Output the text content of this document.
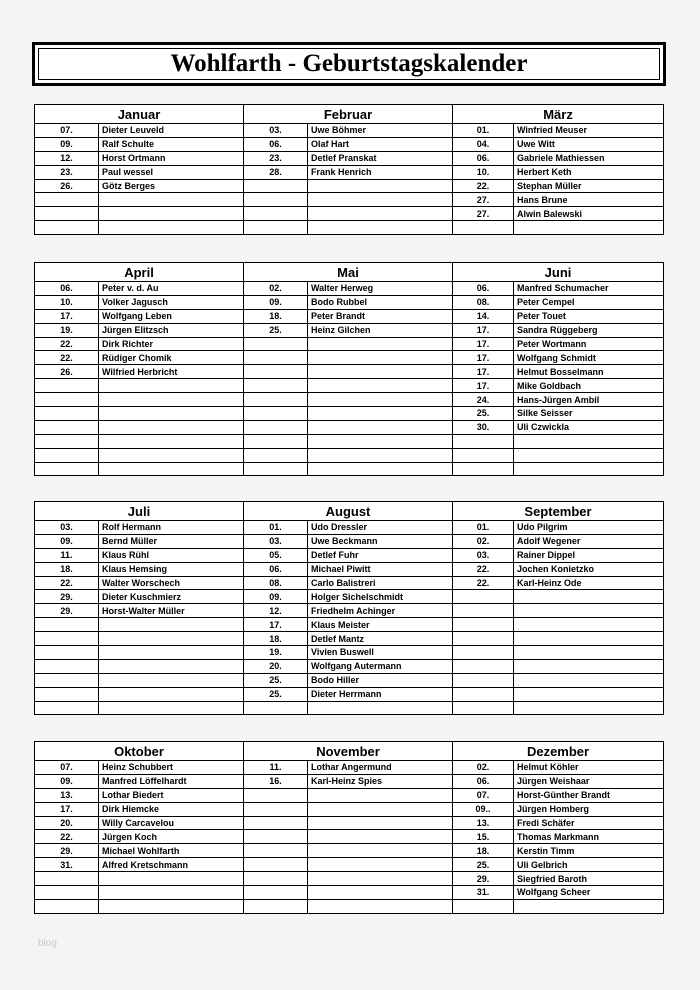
Wohlfarth - Geburtstagskalender
Januar		Februar		März	
07.	Dieter Leuveld	03.	Uwe Böhmer	01.	Winfried Meuser
09.	Ralf Schulte	06.	Olaf Hart	04.	Uwe Witt
12.	Horst Ortmann	23.	Detlef Pranskat	06.	Gabriele Mathiessen
23.	Paul wessel	28.	Frank Henrich	10.	Herbert Keth
26.	Götz Berges			22.	Stephan Müller
				27.	Hans Brune
				27.	Alwin Balewski

April		Mai		Juni	
06.	Peter v. d. Au	02.	Walter Herweg	06.	Manfred Schumacher
10.	Volker Jagusch	09.	Bodo Rubbel	08.	Peter Cempel
17.	Wolfgang Leben	18.	Peter Brandt	14.	Peter Touet
19.	Jürgen Elitzsch	25.	Heinz Gilchen	17.	Sandra Rüggeberg
22.	Dirk Richter			17.	Peter Wortmann
22.	Rüdiger Chomik			17.	Wolfgang Schmidt
26.	Wilfried Herbricht			17.	Helmut Bosselmann
				17.	Mike Goldbach
				24.	Hans-Jürgen Ambil
				25.	Silke Seisser
				30.	Uli Czwickla

Juli		August		September	
03.	Rolf Hermann	01.	Udo Dressler	01.	Udo Pilgrim
09.	Bernd Müller	03.	Uwe Beckmann	02.	Adolf Wegener
11.	Klaus Rühl	05.	Detlef Fuhr	03.	Rainer Dippel
18.	Klaus Hemsing	06.	Michael Piwitt	22.	Jochen Konietzko
22.	Walter Worschech	08.	Carlo Balistreri	22.	Karl-Heinz Ode
29.	Dieter Kuschmierz	09.	Holger Sichelschmidt		
29.	Horst-Walter Müller	12.	Friedhelm Achinger		
		17.	Klaus Meister		
		18.	Detlef Mantz		
		19.	Vivien Buswell		
		20.	Wolfgang Autermann		
		25.	Bodo Hiller		
		25.	Dieter Herrmann		

Oktober		November		Dezember	
07.	Heinz Schubbert	11.	Lothar Angermund	02.	Helmut Köhler
09.	Manfred Löffelhardt	16.	Karl-Heinz Spies	06.	Jürgen Weishaar
13.	Lothar Biedert			07.	Horst-Günther Brandt
17.	Dirk Hiemcke			09..	Jürgen Homberg
20.	Willy Carcavelou			13.	Fredi Schäfer
22.	Jürgen Koch			15.	Thomas Markmann
29.	Michael Wohlfarth			18.	Kerstin Timm
31.	Alfred Kretschmann			25.	Uli Gelbrich
				29.	Siegfried Baroth
				31.	Wolfgang Scheer

blog
